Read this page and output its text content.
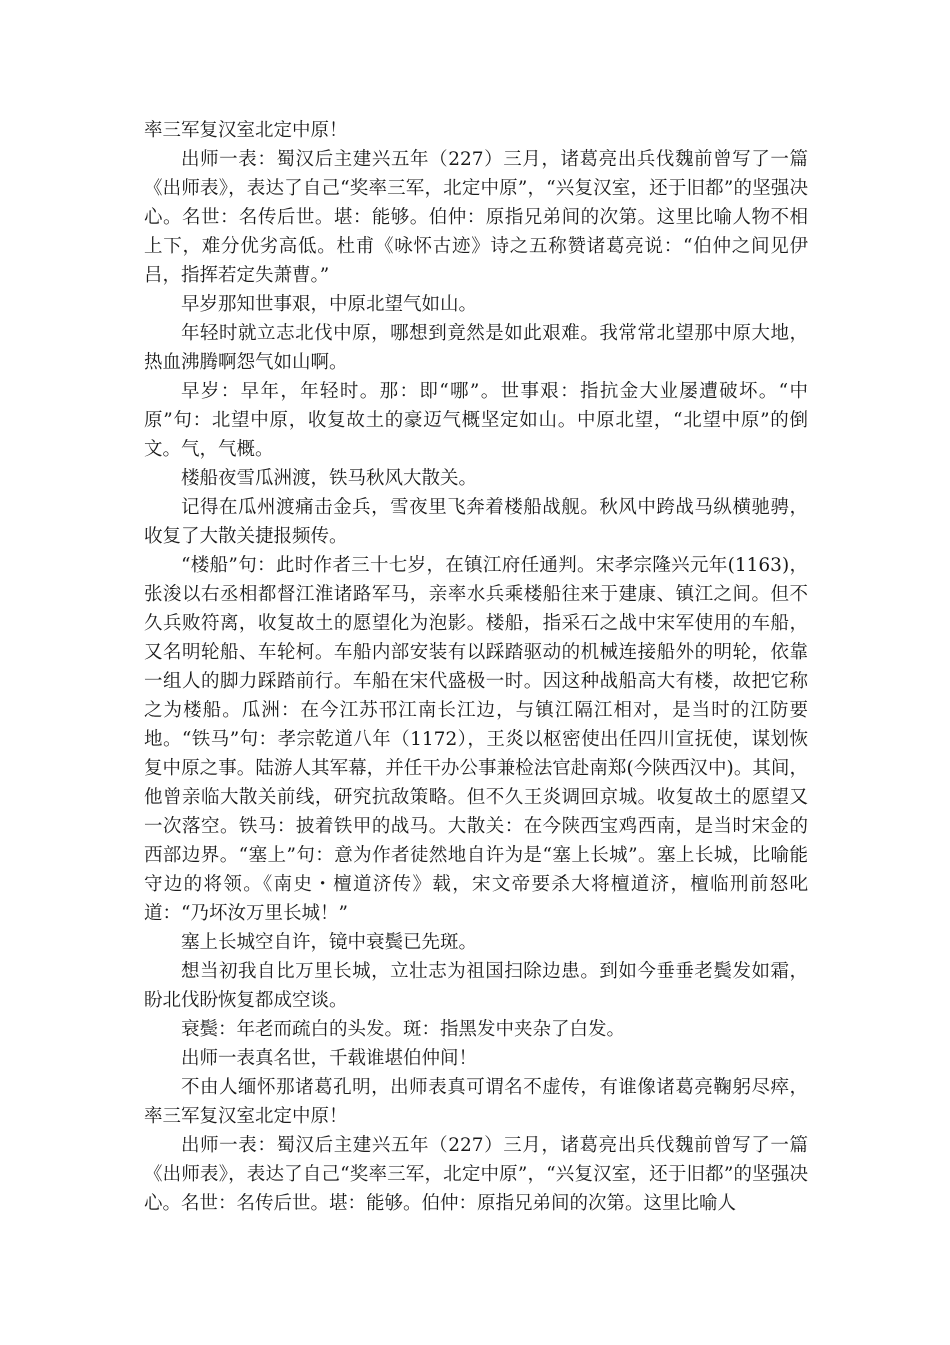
率三军复汉室北定中原！

出师一表：蜀汉后主建兴五年（227）三月，诸葛亮出兵伐魏前曾写了一篇《出师表》，表达了自己“奖率三军，北定中原”，“兴复汉室，还于旧都”的坚强决心。名世：名传后世。堪：能够。伯仲：原指兄弟间的次第。这里比喻人物不相上下，难分优劣高低。杜甫《咏怀古迹》诗之五称赞诸葛亮说：“伯仲之间见伊吕，指挥若定失萧曹。”

早岁那知世事艰，中原北望气如山。

年轻时就立志北伐中原，哪想到竟然是如此艰难。我常常北望那中原大地，热血沸腾啊怨气如山啊。

早岁：早年，年轻时。那：即“哪”。世事艰：指抗金大业屡遭破坏。“中原”句：北望中原，收复故土的豪迈气概坚定如山。中原北望，“北望中原”的倒文。气，气概。

楼船夜雪瓜洲渡，铁马秋风大散关。

记得在瓜州渡痛击金兵，雪夜里飞奔着楼船战舰。秋风中跨战马纵横驰骋，收复了大散关捷报频传。

“楼船”句：此时作者三十七岁，在镇江府任通判。宋孝宗隆兴元年(1163)，张浚以右丞相都督江淮诸路军马，亲率水兵乘楼船往来于建康、镇江之间。但不久兵败符离，收复故土的愿望化为泡影。楼船，指采石之战中宋军使用的车船，又名明轮船、车轮柯。车船内部安装有以踩踏驱动的机械连接船外的明轮，依靠一组人的脚力踩踏前行。车船在宋代盛极一时。因这种战船高大有楼，故把它称之为楼船。瓜洲：在今江苏邗江南长江边，与镇江隔江相对，是当时的江防要地。“铁马”句：孝宗乾道八年（1172），王炎以枢密使出任四川宣抚使，谋划恢复中原之事。陆游人其军幕，并任干办公事兼检法官赴南郑(今陕西汉中)。其间，他曾亲临大散关前线，研究抗敌策略。但不久王炎调回京城。收复故土的愿望又一次落空。铁马：披着铁甲的战马。大散关：在今陕西宝鸡西南，是当时宋金的西部边界。“塞上”句：意为作者徒然地自许为是“塞上长城”。塞上长城，比喻能守边的将领。《南史・檀道济传》载，宋文帝要杀大将檀道济，檀临刑前怒叱道：“乃坏汝万里长城！”

塞上长城空自许，镜中衰鬓已先斑。

想当初我自比万里长城，立壮志为祖国扫除边患。到如今垂垂老鬓发如霜，盼北伐盼恢复都成空谈。

衰鬓：年老而疏白的头发。斑：指黑发中夹杂了白发。

出师一表真名世，千载谁堪伯仲间！

不由人缅怀那诸葛孔明，出师表真可谓名不虚传，有谁像诸葛亮鞠躬尽瘁，率三军复汉室北定中原！

出师一表：蜀汉后主建兴五年（227）三月，诸葛亮出兵伐魏前曾写了一篇《出师表》，表达了自己“奖率三军，北定中原”，“兴复汉室，还于旧都”的坚强决心。名世：名传后世。堪：能够。伯仲：原指兄弟间的次第。这里比喻人
